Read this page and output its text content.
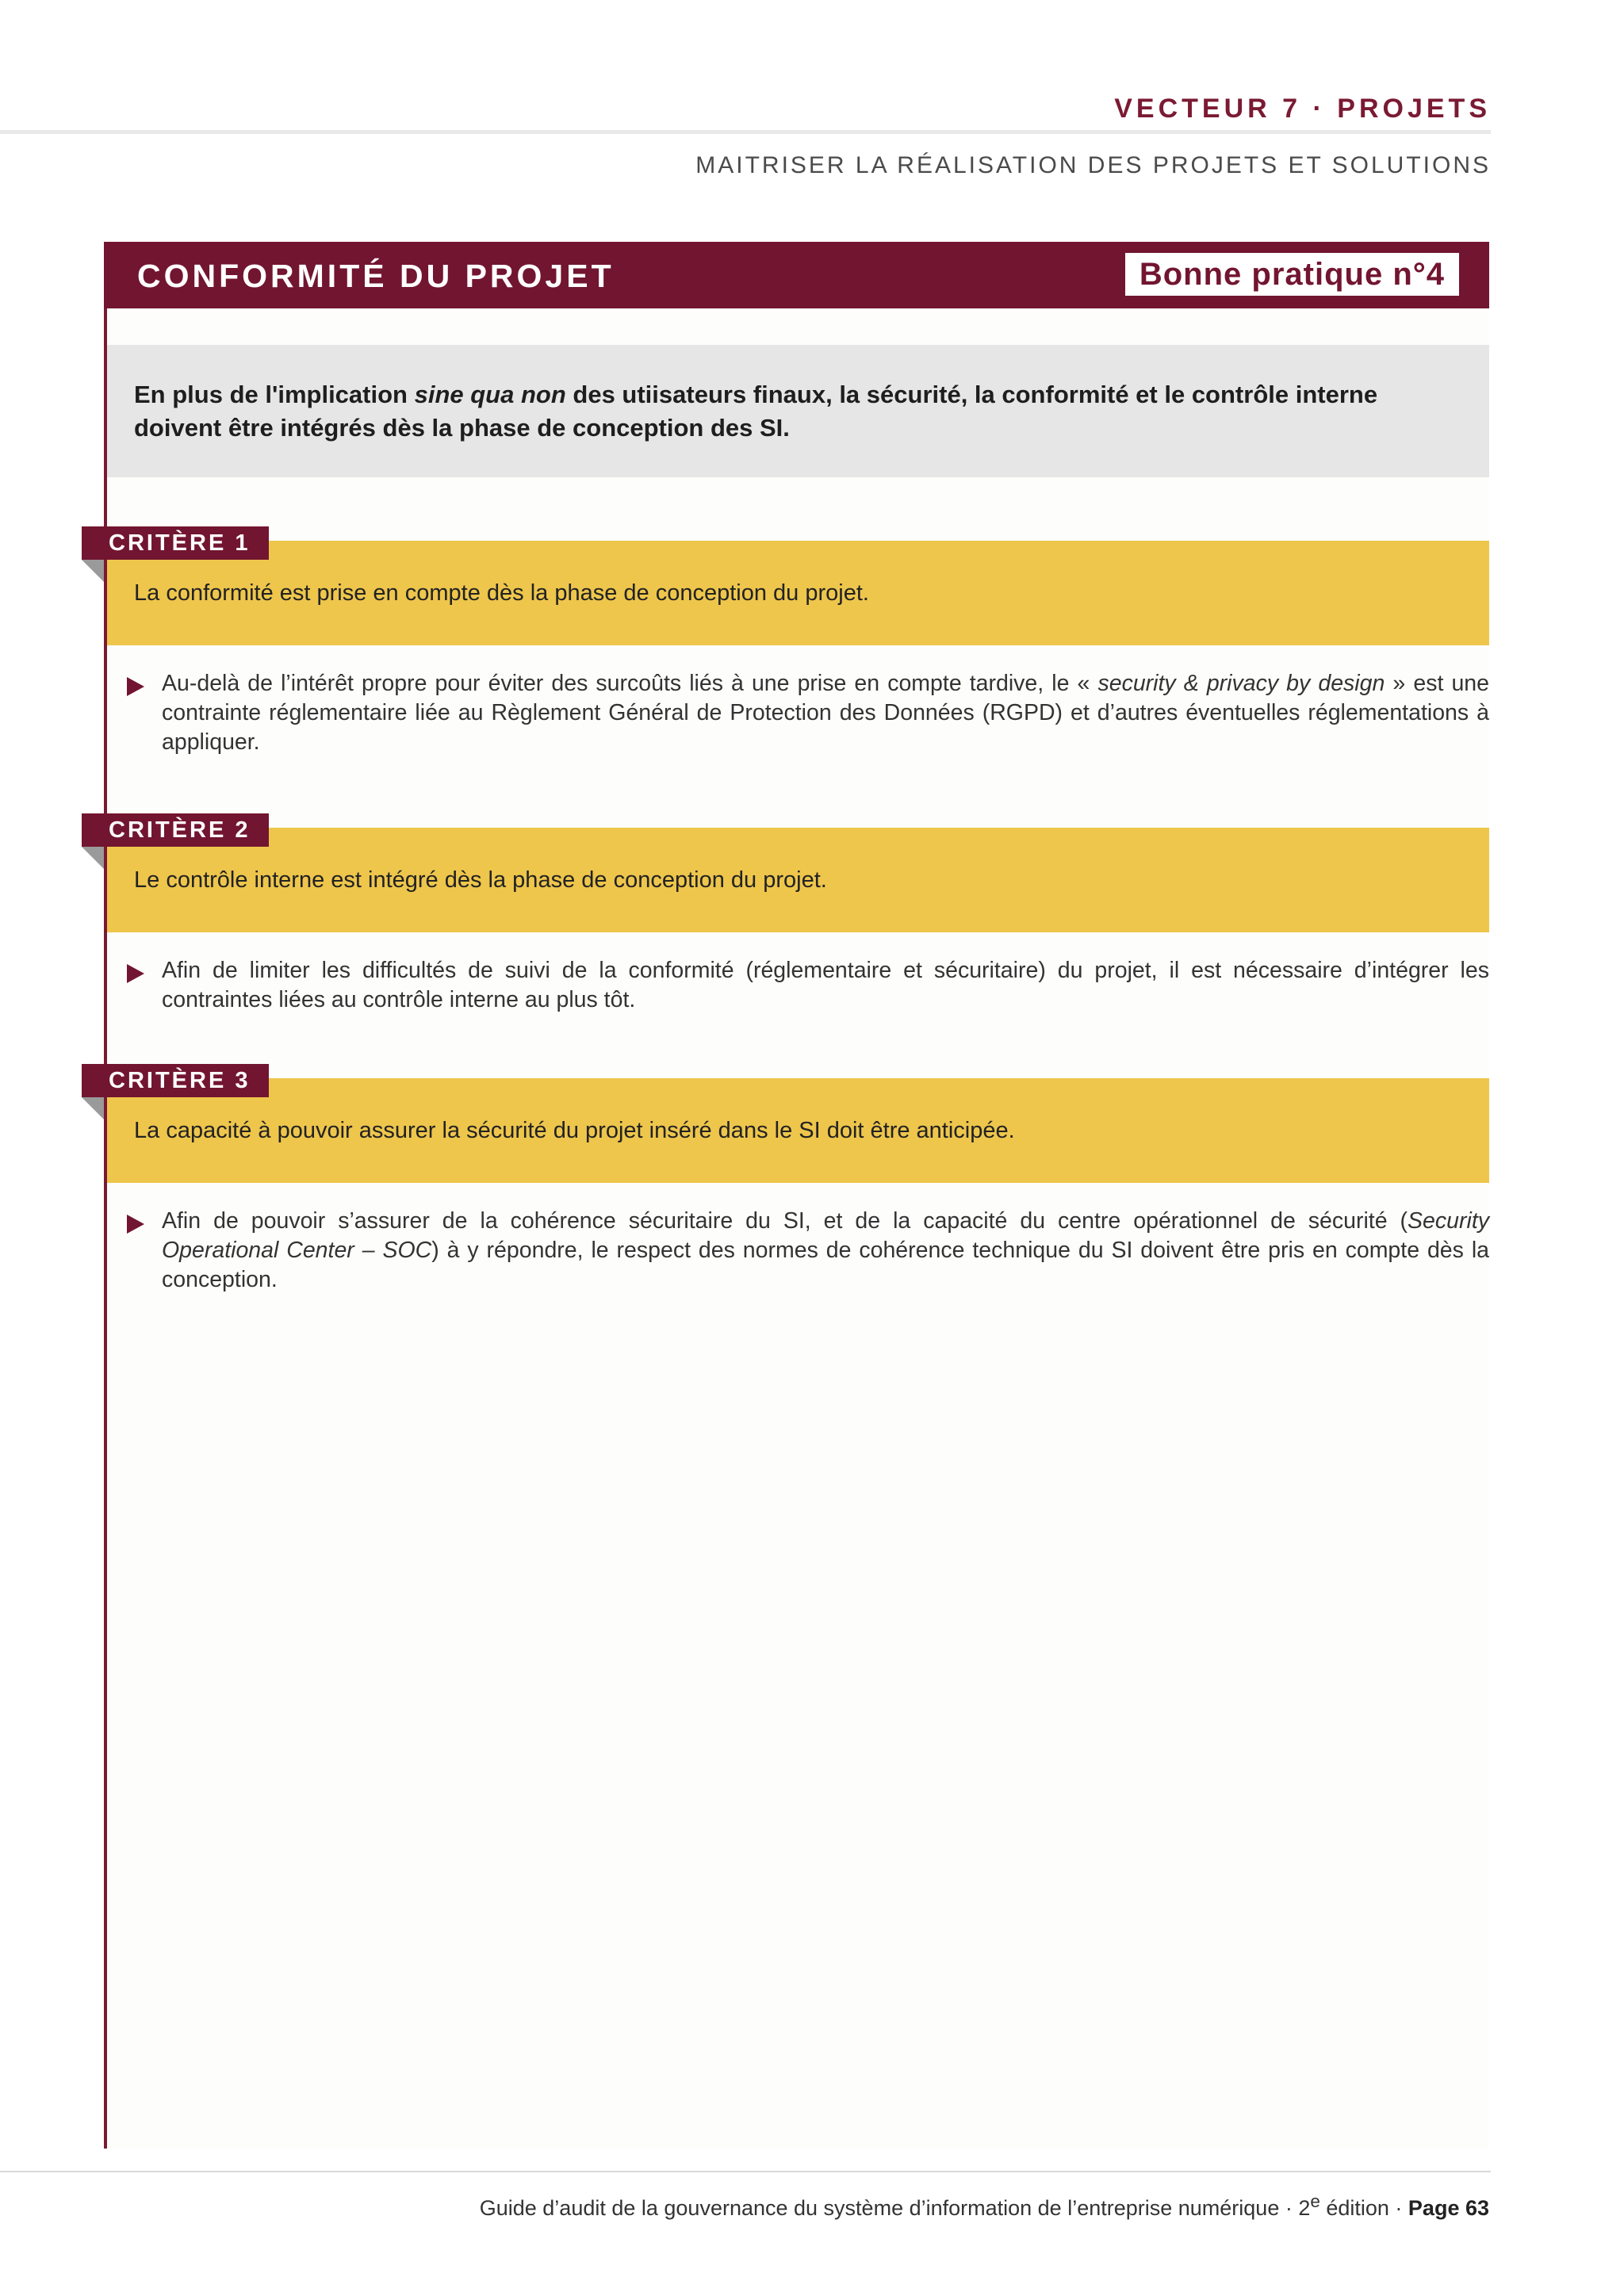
VECTEUR 7 · PROJETS
MAITRISER LA RÉALISATION DES PROJETS ET SOLUTIONS
CONFORMITÉ DU PROJET	Bonne pratique n°4
En plus de l'implication sine qua non des utiisateurs finaux, la sécurité, la conformité et le contrôle interne doivent être intégrés dès la phase de conception des SI.
La conformité est prise en compte dès la phase de conception du projet.
CRITÈRE 1
Au-delà de l’intérêt propre pour éviter des surcoûts liés à une prise en compte tardive, le « security & privacy by design » est une contrainte réglementaire liée au Règlement Général de Protection des Données (RGPD) et d’autres éventuelles réglementations à appliquer.
Le contrôle interne est intégré dès la phase de conception du projet.
CRITÈRE 2
Afin de limiter les difficultés de suivi de la conformité (réglementaire et sécuritaire) du projet, il est nécessaire d’intégrer les contraintes liées au contrôle interne au plus tôt.
La capacité à pouvoir assurer la sécurité du projet inséré dans le SI doit être anticipée.
CRITÈRE 3
Afin de pouvoir s’assurer de la cohérence sécuritaire du SI, et de la capacité du centre opérationnel de sécurité (Security Operational Center – SOC) à y répondre, le respect des normes de cohérence technique du SI doivent être pris en compte dès la conception.
Guide d’audit de la gouvernance du système d’information de l’entreprise numérique · $2^e$ édition · Page 63
